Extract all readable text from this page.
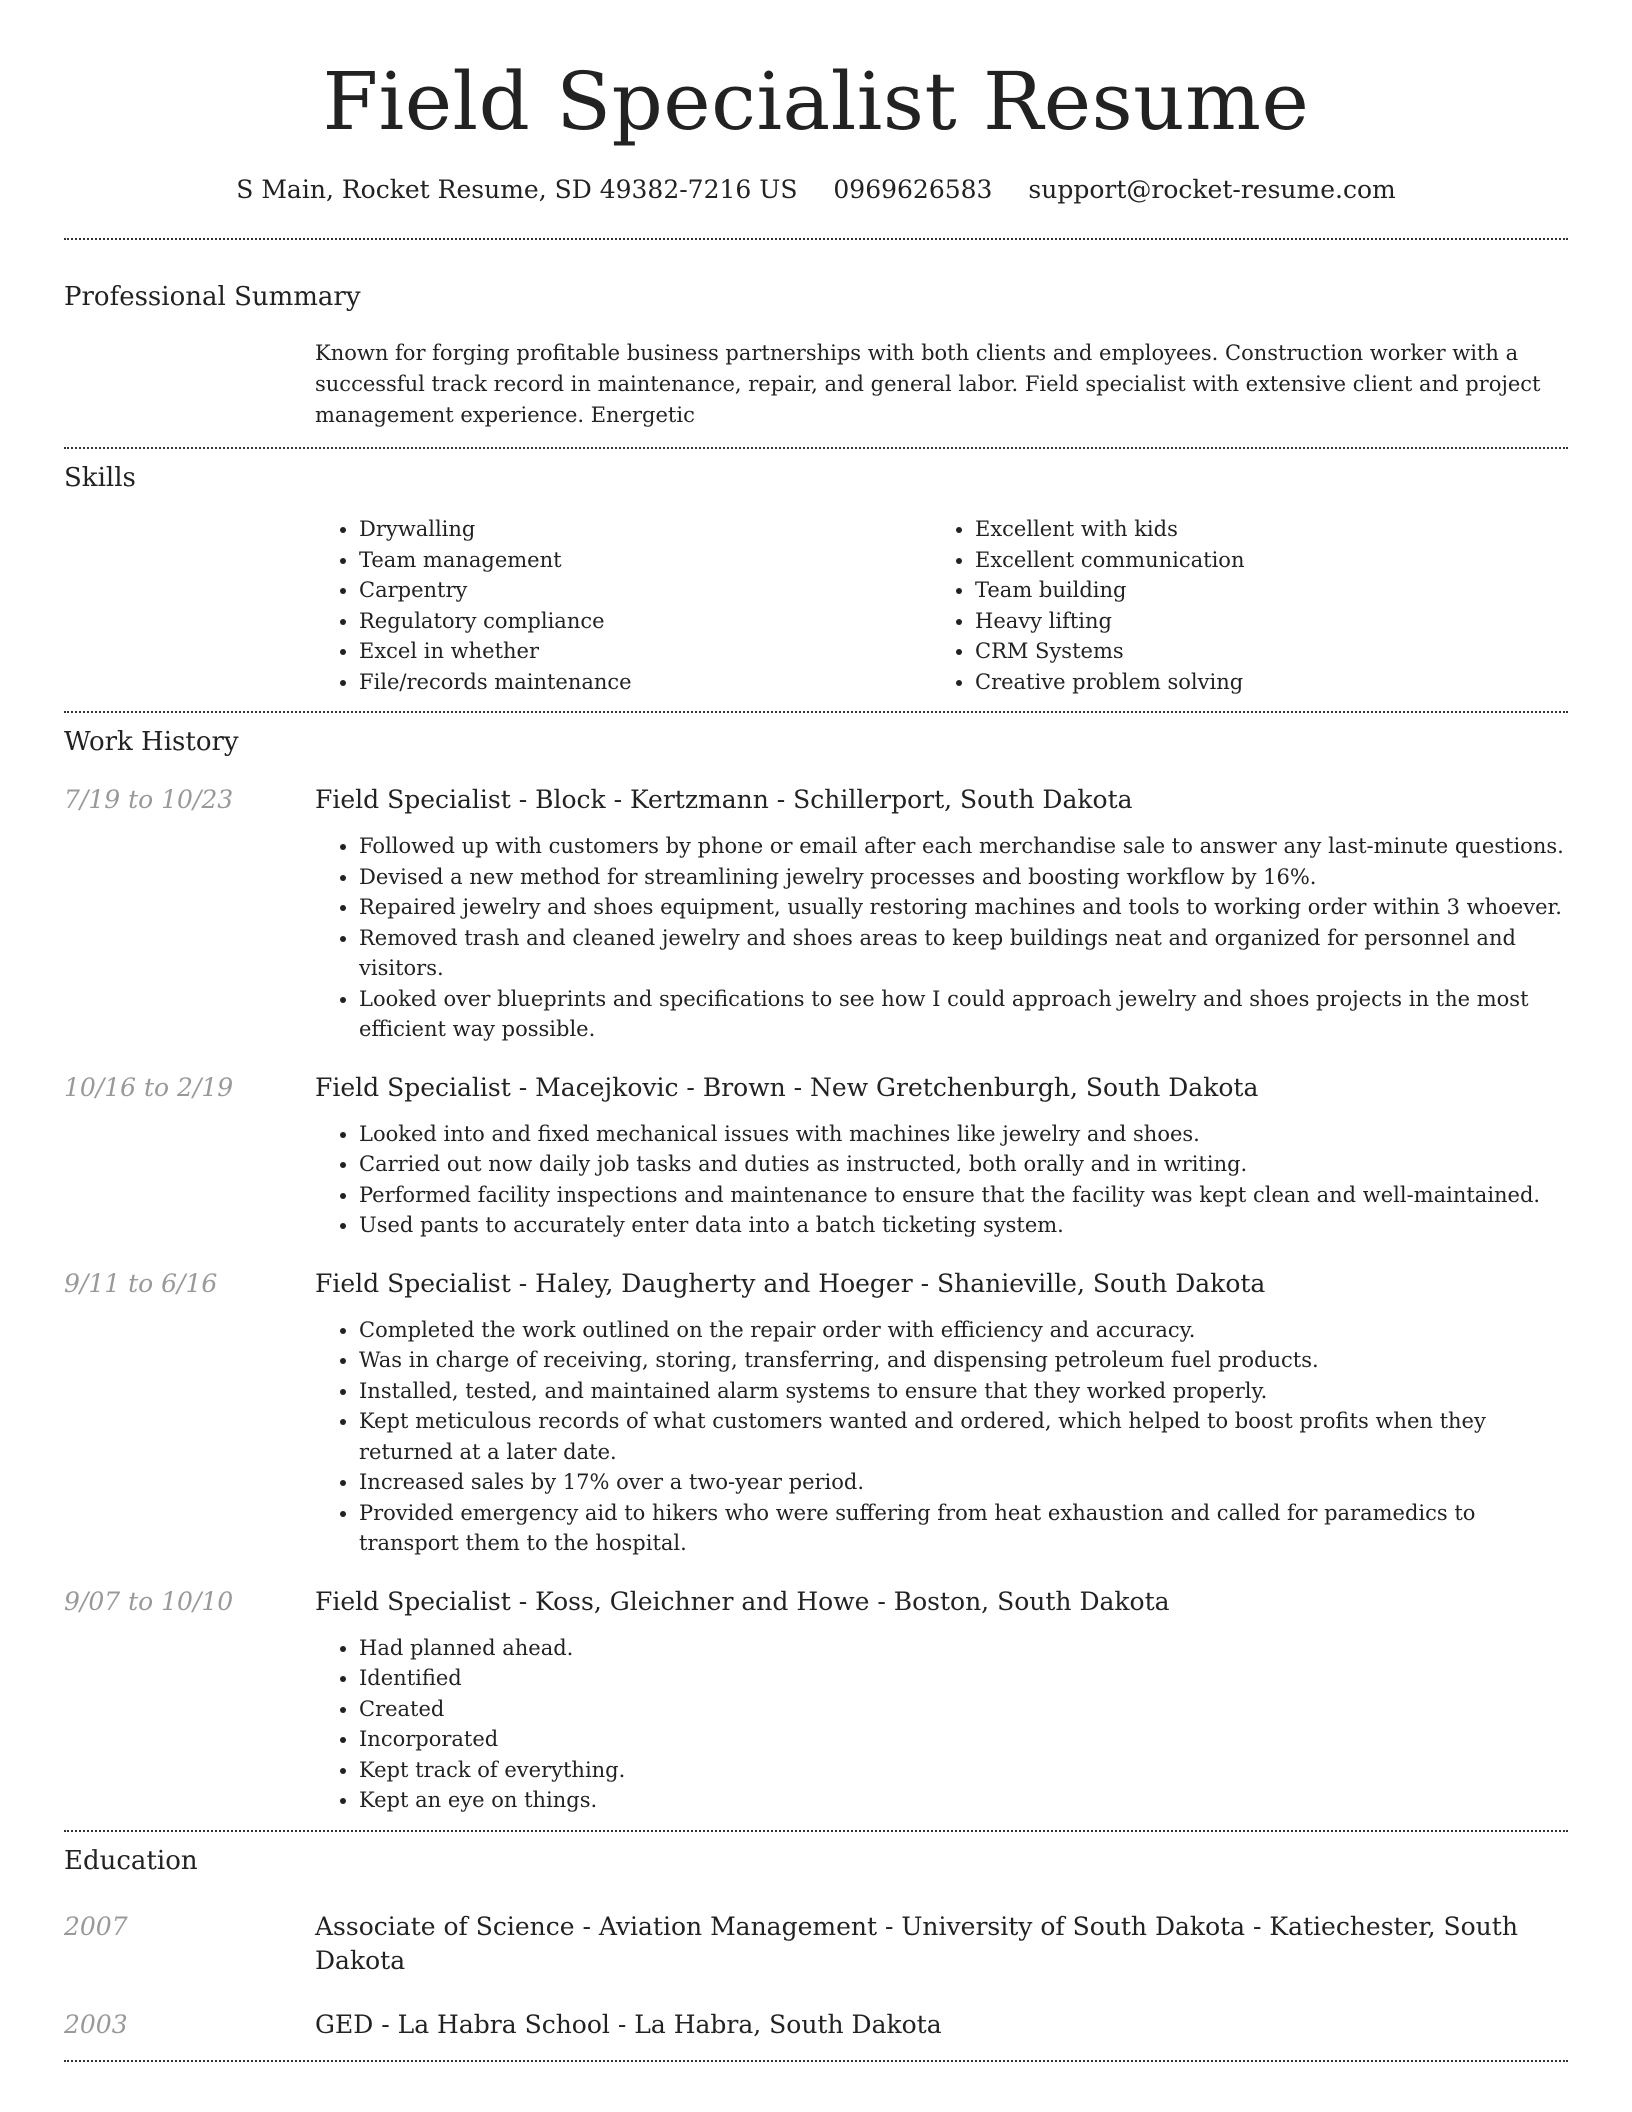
Field Specialist Resume
S Main, Rocket Resume, SD 49382-7216 US 0969626583 support@rocket-resume.com
Professional Summary

Known for forging profitable business partnerships with both clients and employees. Construction worker with a successful track record in maintenance, repair, and general labor. Field specialist with extensive client and project management experience. Energetic

Skills
• Drywalling
• Team management
• Carpentry
• Regulatory compliance
• Excel in whether
• File/records maintenance
• Excellent with kids
• Excellent communication
• Team building
• Heavy lifting
• CRM Systems
• Creative problem solving
Work History
7/19 to 10/23	Field Specialist - Block - Kertzmann - Schillerport, South Dakota
• Followed up with customers by phone or email after each merchandise sale to answer any last-minute questions.
• Devised a new method for streamlining jewelry processes and boosting workflow by 16%.
• Repaired jewelry and shoes equipment, usually restoring machines and tools to working order within 3 whoever.
• Removed trash and cleaned jewelry and shoes areas to keep buildings neat and organized for personnel and visitors.
• Looked over blueprints and specifications to see how I could approach jewelry and shoes projects in the most efficient way possible.
10/16 to 2/19	Field Specialist - Macejkovic - Brown - New Gretchenburgh, South Dakota
• Looked into and fixed mechanical issues with machines like jewelry and shoes.
• Carried out now daily job tasks and duties as instructed, both orally and in writing.
• Performed facility inspections and maintenance to ensure that the facility was kept clean and well-maintained.
• Used pants to accurately enter data into a batch ticketing system.
9/11 to 6/16	Field Specialist - Haley, Daugherty and Hoeger - Shanieville, South Dakota
• Completed the work outlined on the repair order with efficiency and accuracy.
• Was in charge of receiving, storing, transferring, and dispensing petroleum fuel products.
• Installed, tested, and maintained alarm systems to ensure that they worked properly.
• Kept meticulous records of what customers wanted and ordered, which helped to boost profits when they returned at a later date.
• Increased sales by 17% over a two-year period.
• Provided emergency aid to hikers who were suffering from heat exhaustion and called for paramedics to transport them to the hospital.
9/07 to 10/10	Field Specialist - Koss, Gleichner and Howe - Boston, South Dakota
• Had planned ahead.
• Identified
• Created
• Incorporated
• Kept track of everything.
• Kept an eye on things.
Education
2007	Associate of Science - Aviation Management - University of South Dakota - Katiechester, South Dakota
2003	GED - La Habra School - La Habra, South Dakota
